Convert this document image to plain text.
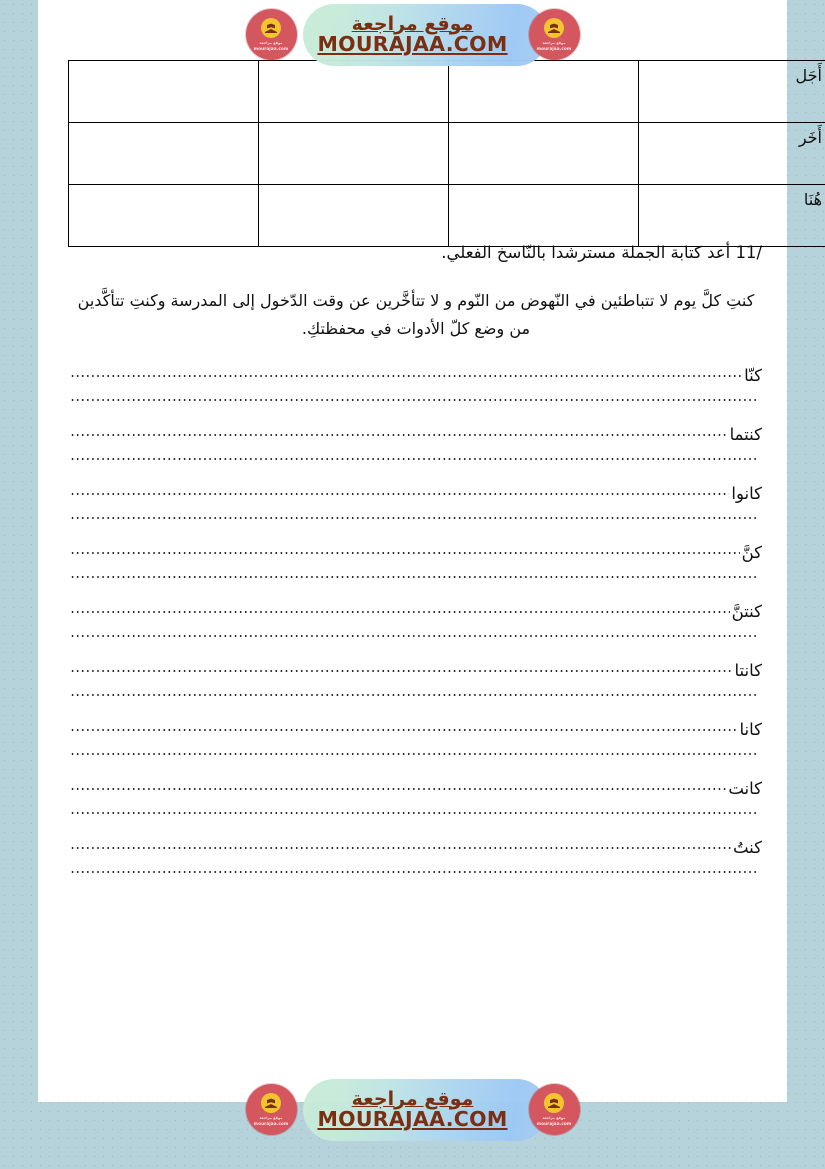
			أَجَل
			أَخَر
			هُنَا
/11 أعد كتابة الجملة مسترشدا بالنّاسخ الفعلي.
كنتِ كلَّ يوم لا تتباطئين في النّهوض من النّوم و لا تتأخَّرين عن وقت الدّخول إلى المدرسة وكنتِ تتأكَّدين من وضع كلّ الأدوات في محفظتكِ.
كنّا
كنتما
كانوا
كنَّ
كنتنَّ
كانتا
كانا
كانت
كنتُ
موقع مراجعة
mourajaa.com
موقع مراجعة
MOURAJAA.COM	موقع مراجعة
mourajaa.com
موقع مراجعة
mourajaa.com
موقع مراجعة
MOURAJAA.COM	موقع مراجعة
mourajaa.com
